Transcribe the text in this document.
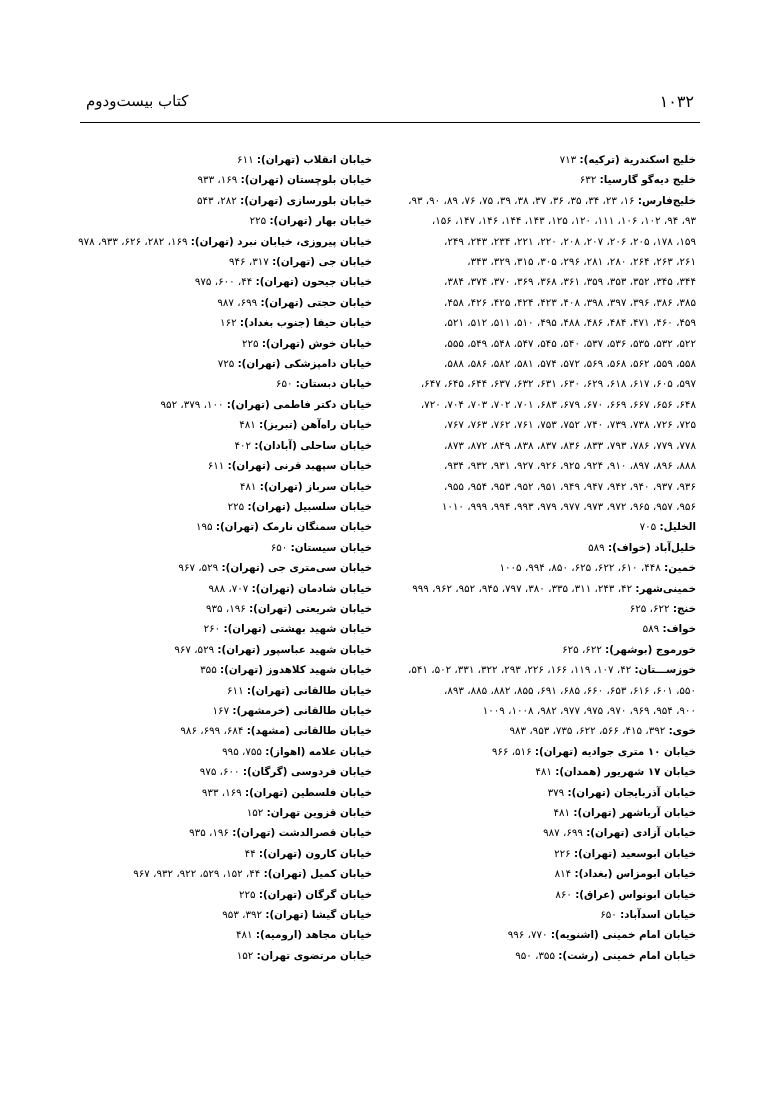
۱۰۳۲
کتاب بیست‌ودوم
خلیج اسکندریة (ترکیه): ۷۱۳
خلیج دیه‌گو گارسیا: ۶۳۲
خلیج‌فارس: ۱۶، ۲۳، ۳۴، ۳۵، ۳۶، ۳۷، ۳۸، ۳۹، ۷۵، ۷۶، ۸۹، ۹۰، ۹۳،
۹۳، ۹۴، ۱۰۲، ۱۰۶، ۱۱۱، ۱۲۰، ۱۲۵، ۱۴۳، ۱۴۴، ۱۴۶، ۱۴۷، ۱۵۶،
۱۵۹، ۱۷۸، ۲۰۵، ۲۰۶، ۲۰۷، ۲۰۸، ۲۲۰، ۲۲۱، ۲۳۴، ۲۴۳، ۲۴۹،
۲۶۱، ۲۶۳، ۲۶۴، ۲۸۰، ۲۸۱، ۲۹۶، ۳۰۵، ۳۱۵، ۳۲۹، ۳۴۳،
۳۴۴، ۳۴۵، ۳۵۲، ۳۵۳، ۳۵۹، ۳۶۱، ۳۶۸، ۳۶۹، ۳۷۰، ۳۷۴، ۳۸۴،
۳۸۵، ۳۸۶، ۳۹۶، ۳۹۷، ۳۹۸، ۴۰۸، ۴۲۳، ۴۲۴، ۴۲۵، ۴۲۶، ۴۵۸،
۴۵۹، ۴۶۰، ۴۷۱، ۴۸۴، ۴۸۶، ۴۸۸، ۴۹۵، ۵۱۰، ۵۱۱، ۵۱۲، ۵۲۱،
۵۲۲، ۵۳۲، ۵۳۵، ۵۳۶، ۵۳۷، ۵۴۰، ۵۴۵، ۵۴۷، ۵۴۸، ۵۴۹، ۵۵۵،
۵۵۸، ۵۵۹، ۵۶۲، ۵۶۸، ۵۶۹، ۵۷۲، ۵۷۴، ۵۸۱، ۵۸۲، ۵۸۶، ۵۸۸،
۵۹۷، ۶۰۵، ۶۱۷، ۶۱۸، ۶۲۹، ۶۳۰، ۶۳۱، ۶۳۲، ۶۳۷، ۶۴۴، ۶۴۵، ۶۴۷،
۶۴۸، ۶۵۶، ۶۶۷، ۶۶۹، ۶۷۰، ۶۷۹، ۶۸۳، ۷۰۱، ۷۰۲، ۷۰۳، ۷۰۴، ۷۲۰،
۷۲۵، ۷۲۶، ۷۳۸، ۷۳۹، ۷۴۰، ۷۵۲، ۷۵۳، ۷۶۱، ۷۶۲، ۷۶۳، ۷۶۷،
۷۷۸، ۷۷۹، ۷۸۶، ۷۹۳، ۸۳۳، ۸۳۶، ۸۳۷، ۸۳۸، ۸۴۹، ۸۷۲، ۸۷۳،
۸۸۸، ۸۹۶، ۸۹۷، ۹۱۰، ۹۲۴، ۹۲۵، ۹۲۶، ۹۲۷، ۹۳۱، ۹۳۲، ۹۳۴،
۹۳۶، ۹۳۷، ۹۴۰، ۹۴۲، ۹۴۷، ۹۴۹، ۹۵۱، ۹۵۲، ۹۵۳، ۹۵۴، ۹۵۵،
۹۵۶، ۹۵۷، ۹۶۵، ۹۷۲، ۹۷۳، ۹۷۷، ۹۷۹، ۹۹۳، ۹۹۴، ۹۹۹، ۱۰۱۰
الخلیل: ۷۰۵
خلیل‌آباد (خواف): ۵۸۹
خمین: ۴۴۸، ۶۱۰، ۶۲۲، ۶۲۵، ۸۵۰، ۹۹۴، ۱۰۰۵
خمینی‌شهر: ۴۲، ۲۴۳، ۳۱۱، ۳۳۵، ۳۸۰، ۷۹۷، ۹۴۵، ۹۵۲، ۹۶۲، ۹۹۹
خنج: ۶۲۲، ۶۲۵
خواف: ۵۸۹
خورموج (بوشهر): ۶۲۲، ۶۲۵
خوزســـتان: ۴۲، ۱۰۷، ۱۱۹، ۱۶۶، ۲۲۶، ۲۹۳، ۳۲۲، ۳۳۱، ۵۰۲، ۵۴۱،
۵۵۰، ۶۰۱، ۶۱۶، ۶۵۳، ۶۶۰، ۶۸۵، ۶۹۱، ۸۵۵، ۸۸۲، ۸۸۵، ۸۹۳،
۹۰۰، ۹۵۴، ۹۶۹، ۹۷۰، ۹۷۵، ۹۷۷، ۹۸۲، ۱۰۰۸، ۱۰۰۹
خوی: ۳۹۲، ۴۱۵، ۵۶۶، ۶۲۲، ۷۳۵، ۹۵۳، ۹۸۳
خیابان ۱۰ متری جوادیه (تهران): ۵۱۶، ۹۶۶
خیابان ۱۷ شهریور (همدان): ۴۸۱
خیابان آذربایجان (تهران): ۳۷۹
خیابان آریاشهر (تهران): ۴۸۱
خیابان آزادی (تهران): ۶۹۹، ۹۸۷
خیابان ابوسعید (تهران): ۲۲۶
خیابان ابومزاس (بغداد): ۸۱۴
خیابان ابونواس (عراق): ۸۶۰
خیابان اسدآباد: ۶۵۰
خیابان امام خمینی (اشنویه): ۷۷۰، ۹۹۶
خیابان امام خمینی (رشت): ۳۵۵، ۹۵۰
خیابان انقلاب (تهران): ۶۱۱
خیابان بلوچستان (تهران): ۱۶۹، ۹۳۳
خیابان بلورسازی (تهران): ۲۸۲، ۵۴۳
خیابان بهار (تهران): ۲۲۵
خیابان پیروزی، خیابان نبرد (تهران): ۱۶۹، ۲۸۲، ۶۲۶، ۹۳۳، ۹۷۸
خیابان جی (تهران): ۳۱۷، ۹۴۶
خیابان جیحون (تهران): ۴۴، ۶۰۰، ۹۷۵
خیابان حجتی (تهران): ۶۹۹، ۹۸۷
خیابان حیفا (جنوب بغداد): ۱۶۲
خیابان خوش (تهران): ۲۲۵
خیابان دامپزشکی (تهران): ۷۲۵
خیابان دبستان: ۶۵۰
خیابان دکتر فاطمی (تهران): ۱۰۰، ۳۷۹، ۹۵۲
خیابان راه‌آهن (تبریز): ۴۸۱
خیابان ساحلی (آبادان): ۴۰۲
خیابان سپهبد قرنی (تهران): ۶۱۱
خیابان سرباز (تهران): ۴۸۱
خیابان سلسبیل (تهران): ۲۲۵
خیابان سمنگان نارمک (تهران): ۱۹۵
خیابان سیستان: ۶۵۰
خیابان سی‌متری جی (تهران): ۵۲۹، ۹۶۷
خیابان شادمان (تهران): ۷۰۷، ۹۸۸
خیابان شریعتی (تهران): ۱۹۶، ۹۳۵
خیابان شهید بهشتی (تهران): ۲۶۰
خیابان شهید عباسپور (تهران): ۵۲۹، ۹۶۷
خیابان شهید کلاهدوز (تهران): ۳۵۵
خیابان طالقانی (تهران): ۶۱۱
خیابان طالقانی (خرمشهر): ۱۶۷
خیابان طالقانی (مشهد): ۶۸۴، ۶۹۹، ۹۸۶
خیابان علامه (اهواز): ۷۵۵، ۹۹۵
خیابان فردوسی (گرگان): ۶۰۰، ۹۷۵
خیابان فلسطین (تهران): ۱۶۹، ۹۳۳
خیابان قزوین تهران: ۱۵۲
خیابان قصرالدشت (تهران): ۱۹۶، ۹۳۵
خیابان کارون (تهران): ۴۴
خیابان کمیل (تهران): ۴۴، ۱۵۲، ۵۲۹، ۹۲۲، ۹۳۲، ۹۶۷
خیابان گرگان (تهران): ۲۲۵
خیابان گیشا (تهران): ۳۹۲، ۹۵۳
خیابان مجاهد (ارومیه): ۴۸۱
خیابان مرتضوی تهران: ۱۵۲
